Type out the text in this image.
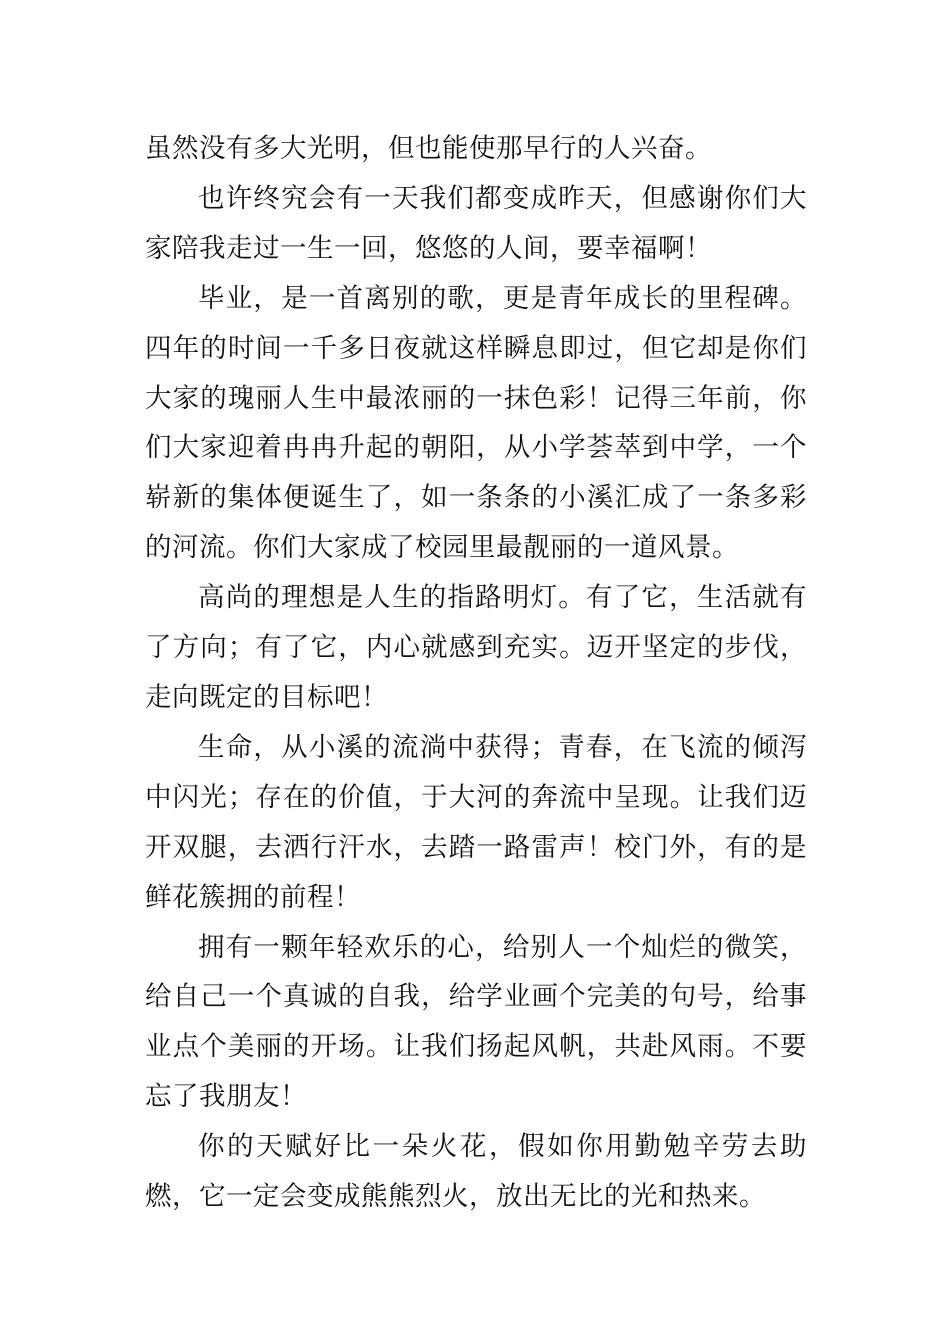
虽然没有多大光明，但也能使那早行的人兴奋。

也许终究会有一天我们都变成昨天，但感谢你们大家陪我走过一生一回，悠悠的人间，要幸福啊！

毕业，是一首离别的歌，更是青年成长的里程碑。四年的时间一千多日夜就这样瞬息即过，但它却是你们大家的瑰丽人生中最浓丽的一抹色彩！记得三年前，你们大家迎着冉冉升起的朝阳，从小学荟萃到中学，一个崭新的集体便诞生了，如一条条的小溪汇成了一条多彩的河流。你们大家成了校园里最靓丽的一道风景。

高尚的理想是人生的指路明灯。有了它，生活就有了方向；有了它，内心就感到充实。迈开坚定的步伐，走向既定的目标吧！

生命，从小溪的流淌中获得；青春，在飞流的倾泻中闪光；存在的价值，于大河的奔流中呈现。让我们迈开双腿，去洒行汗水，去踏一路雷声！校门外，有的是鲜花簇拥的前程！

拥有一颗年轻欢乐的心，给别人一个灿烂的微笑，给自己一个真诚的自我，给学业画个完美的句号，给事业点个美丽的开场。让我们扬起风帆，共赴风雨。不要忘了我朋友！

你的天赋好比一朵火花，假如你用勤勉辛劳去助燃，它一定会变成熊熊烈火，放出无比的光和热来。
